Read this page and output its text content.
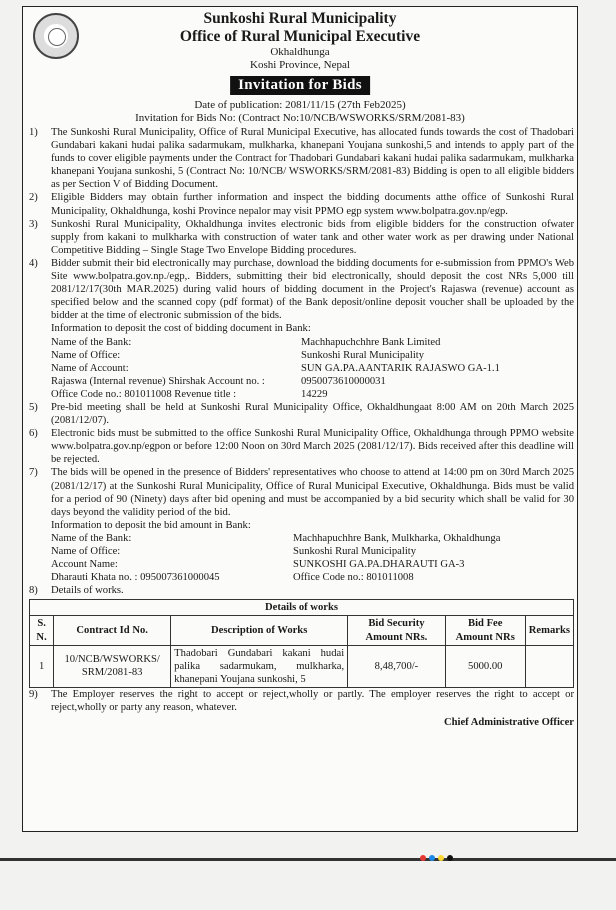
Sunkoshi Rural Municipality
Office of Rural Municipal Executive
Okhaldhunga
Koshi Province, Nepal
Invitation for Bids
Date of publication: 2081/11/15 (27th Feb2025)
Invitation for Bids No: (Contract No:10/NCB/WSWORKS/SRM/2081-83)
1) The Sunkoshi Rural Municipality, Office of Rural Municipal Executive, has allocated funds towards the cost of Thadobari Gundabari kakani hudai palika sadarmukam, mulkharka, khanepani Youjana sunkoshi,5 and intends to apply part of the funds to cover eligible payments under the Contract for Thadobari Gundabari kakani hudai palika sadarmukam, mulkharka khanepani Youjana sunkoshi, 5 (Contract No: 10/NCB/ WSWORKS/SRM/2081-83) Bidding is open to all eligible bidders as per Section V of Bidding Document.
2) Eligible Bidders may obtain further information and inspect the bidding documents atthe office of Sunkoshi Rural Municipality, Okhaldhunga, koshi Province nepalor may visit PPMO egp system www.bolpatra.gov.np/egp.
3) Sunkoshi Rural Municipality, Okhaldhunga invites electronic bids from eligible bidders for the construction ofwater supply from kakani to mulkharka with construction of water tank and other water work as per drawing under National Competitive Bidding – Single Stage Two Envelope Bidding procedures.
4) Bidder submit their bid electronically may purchase, download the bidding documents for e-submission from PPMO's Web Site www.bolpatra.gov.np./egp,. Bidders, submitting their bid electronically, should deposit the cost NRs 5,000 till 2081/12/17(30th MAR.2025) during valid hours of bidding document in the Project's Rajaswa (revenue) account as specified below and the scanned copy (pdf format) of the Bank deposit/online deposit voucher shall be uploaded by the bidder at the time of electronic submission of the bids.
Information to deposit the cost of bidding document in Bank:
Name of the Bank:	Machhapuchchhre Bank Limited
Name of Office:	Sunkoshi Rural Municipality
Name of Account:	SUN GA.PA.AANTARIK RAJASWO GA-1.1
Rajaswa (Internal revenue) Shirshak Account no. :	0950073610000031
Office Code no.: 801011008 Revenue title :	14229
5) Pre-bid meeting shall be held at Sunkoshi Rural Municipality Office, Okhaldhungaat 8:00 AM on 20th March 2025 (2081/12/07).
6) Electronic bids must be submitted to the office Sunkoshi Rural Municipality Office, Okhaldhunga through PPMO website www.bolpatra.gov.np/egpon or before 12:00 Noon on 30rd March 2025 (2081/12/17). Bids received after this deadline will be rejected.
7) The bids will be opened in the presence of Bidders' representatives who choose to attend at 14:00 pm on 30rd March 2025 (2081/12/17) at the Sunkoshi Rural Municipality, Office of Rural Municipal Executive, Okhaldhunga. Bids must be valid for a period of 90 (Ninety) days after bid opening and must be accompanied by a bid security which shall be valid for 30 days beyond the validity period of the bid.
Information to deposit the bid amount in Bank:
Name of the Bank:	Machhapuchhre Bank, Mulkharka, Okhaldhunga
Name of Office:	Sunkoshi Rural Municipality
Account Name:	SUNKOSHI GA.PA.DHARAUTI GA-3
Dharauti Khata no. : 095007361000045	Office Code no.: 801011008
8) Details of works.
Details of works					
S. N.	Contract Id No.	Description of Works	Bid Security Amount NRs.	Bid Fee Amount NRs	Remarks
1	10/NCB/WSWORKS/ SRM/2081-83	Thadobari Gundabari kakani hudai palika sadarmukam, mulkharka, khanepani Youjana sunkoshi, 5	8,48,700/-	5000.00	
9) The Employer reserves the right to accept or reject,wholly or partly. The employer reserves the right to accept or reject,wholly or party any reason, whatever.
Chief Administrative Officer
